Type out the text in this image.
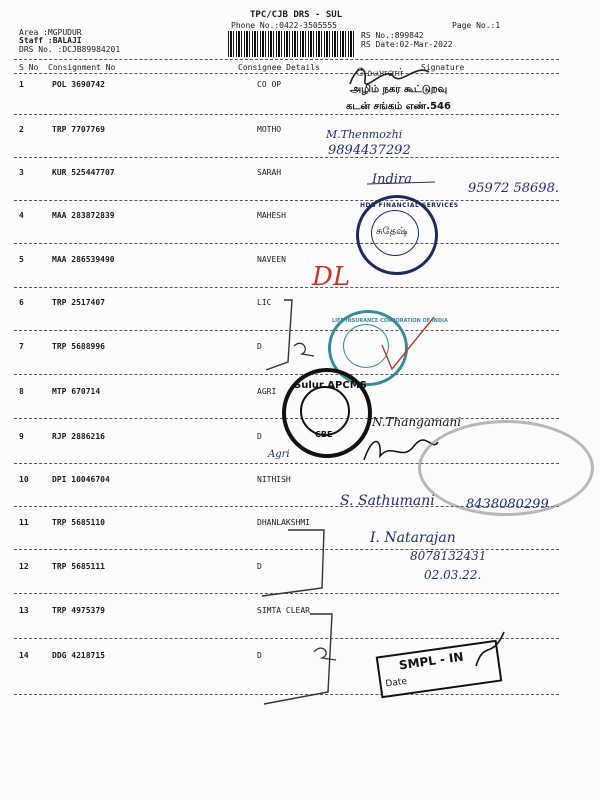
TPC/CJB DRS - SUL
Phone No.:0422-3505555
Area :MGPUDUR
Staff :BALAJI
DRS No. :DCJB89984201
RS No.:899842
RS Date:02-Mar-2022
Page No.:1
S No Consignment No	Consignee Details	Signature
1	POL 3690742	CO OP
2	TRP 7707769	MOTHO
3	KUR 525447707	SARAH
4	MAA 283872839	MAHESH
5	MAA 286539490	NAVEEN
6	TRP 2517407	LIC
7	TRP 5688996	D
8	MTP 670714	AGRI
9	RJP 2886216	D
10	DPI 10046704	NITHISH
11	TRP 5685110	DHANLAKSHMI
12	TRP 5685111	D
13	TRP 4975379	SIMTA CLEAR
14	DDG 4218715	D
மேலாளர்
அழிம் நகர கூட்டுறவு
கடன் சங்கம் எண்.546
M.Thenmozhi
9894437292
Indira
95972 58698.
HDB FINANCIAL SERVICES
சுதேஷ்
DL
LIFE INSURANCE CORPORATION OF INDIA
Sulur APCMS
CBE
Agri
N.Thangamani
S. Sathumani 8438080299
I. Natarajan
8078132431
02.03.22.
SMPL - IN
Date
